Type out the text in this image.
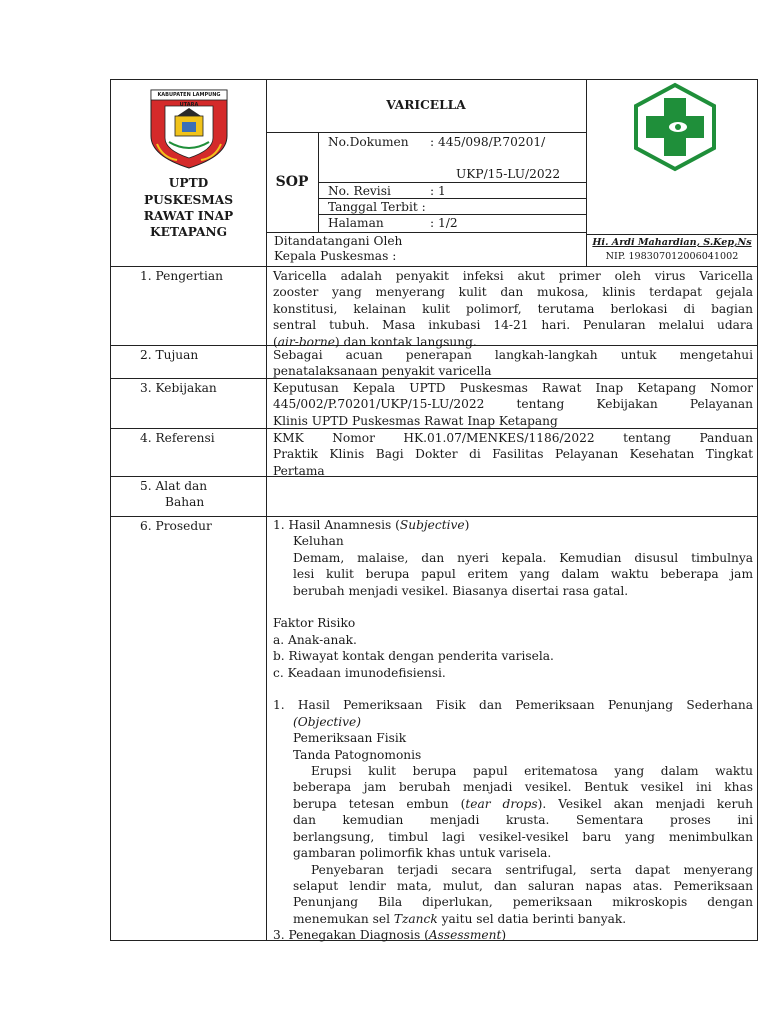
KABUPATEN LAMPUNG UTARA
UPTD
PUSKESMAS
RAWAT INAP
KETAPANG
VARICELLA
SOP
No.Dokumen : 445/098/P.70201/
UKP/15-LU/2022
No. Revisi	: 1
Tanggal Terbit :
Halaman	: 1/2
Ditandatangani Oleh
Kepala Puskesmas :
Hi. Ardi Mahardian, S.Kep,Ns
NIP. 198307012006041002
1. Pengertian
2. Tujuan
3. Kebijakan
4. Referensi
5. Alat dan
Bahan
6. Prosedur
Varicella adalah penyakit infeksi akut primer oleh virus Varicella
zooster yang menyerang kulit dan mukosa, klinis terdapat gejala
konstitusi, kelainan kulit polimorf, terutama berlokasi di bagian
sentral tubuh. Masa inkubasi 14-21 hari. Penularan melalui udara
(air-borne) dan kontak langsung.
Sebagai acuan penerapan langkah-langkah untuk mengetahui
penatalaksanaan penyakit varicella
Keputusan Kepala UPTD Puskesmas Rawat Inap Ketapang Nomor
445/002/P.70201/UKP/15-LU/2022 tentang Kebijakan Pelayanan
Klinis UPTD Puskesmas Rawat Inap Ketapang
KMK Nomor HK.01.07/MENKES/1186/2022 tentang Panduan
Praktik Klinis Bagi Dokter di Fasilitas Pelayanan Kesehatan Tingkat
Pertama
1. Hasil Anamnesis (Subjective)
Keluhan
Demam, malaise, dan nyeri kepala. Kemudian disusul timbulnya
lesi kulit berupa papul eritem yang dalam waktu beberapa jam
berubah menjadi vesikel. Biasanya disertai rasa gatal.
Faktor Risiko
a. Anak-anak.
b. Riwayat kontak dengan penderita varisela.
c. Keadaan imunodefisiensi.
1. Hasil Pemeriksaan Fisik dan Pemeriksaan Penunjang Sederhana
(Objective)
Pemeriksaan Fisik
Tanda Patognomonis
Erupsi kulit berupa papul eritematosa yang dalam waktu
beberapa jam berubah menjadi vesikel. Bentuk vesikel ini khas
berupa tetesan embun (tear drops). Vesikel akan menjadi keruh
dan kemudian menjadi krusta. Sementara proses ini
berlangsung, timbul lagi vesikel-vesikel baru yang menimbulkan
gambaran polimorfik khas untuk varisela.
Penyebaran terjadi secara sentrifugal, serta dapat menyerang
selaput lendir mata, mulut, dan saluran napas atas. Pemeriksaan
Penunjang Bila diperlukan, pemeriksaan mikroskopis dengan
menemukan sel Tzanck yaitu sel datia berinti banyak.
3. Penegakan Diagnosis (Assessment)
